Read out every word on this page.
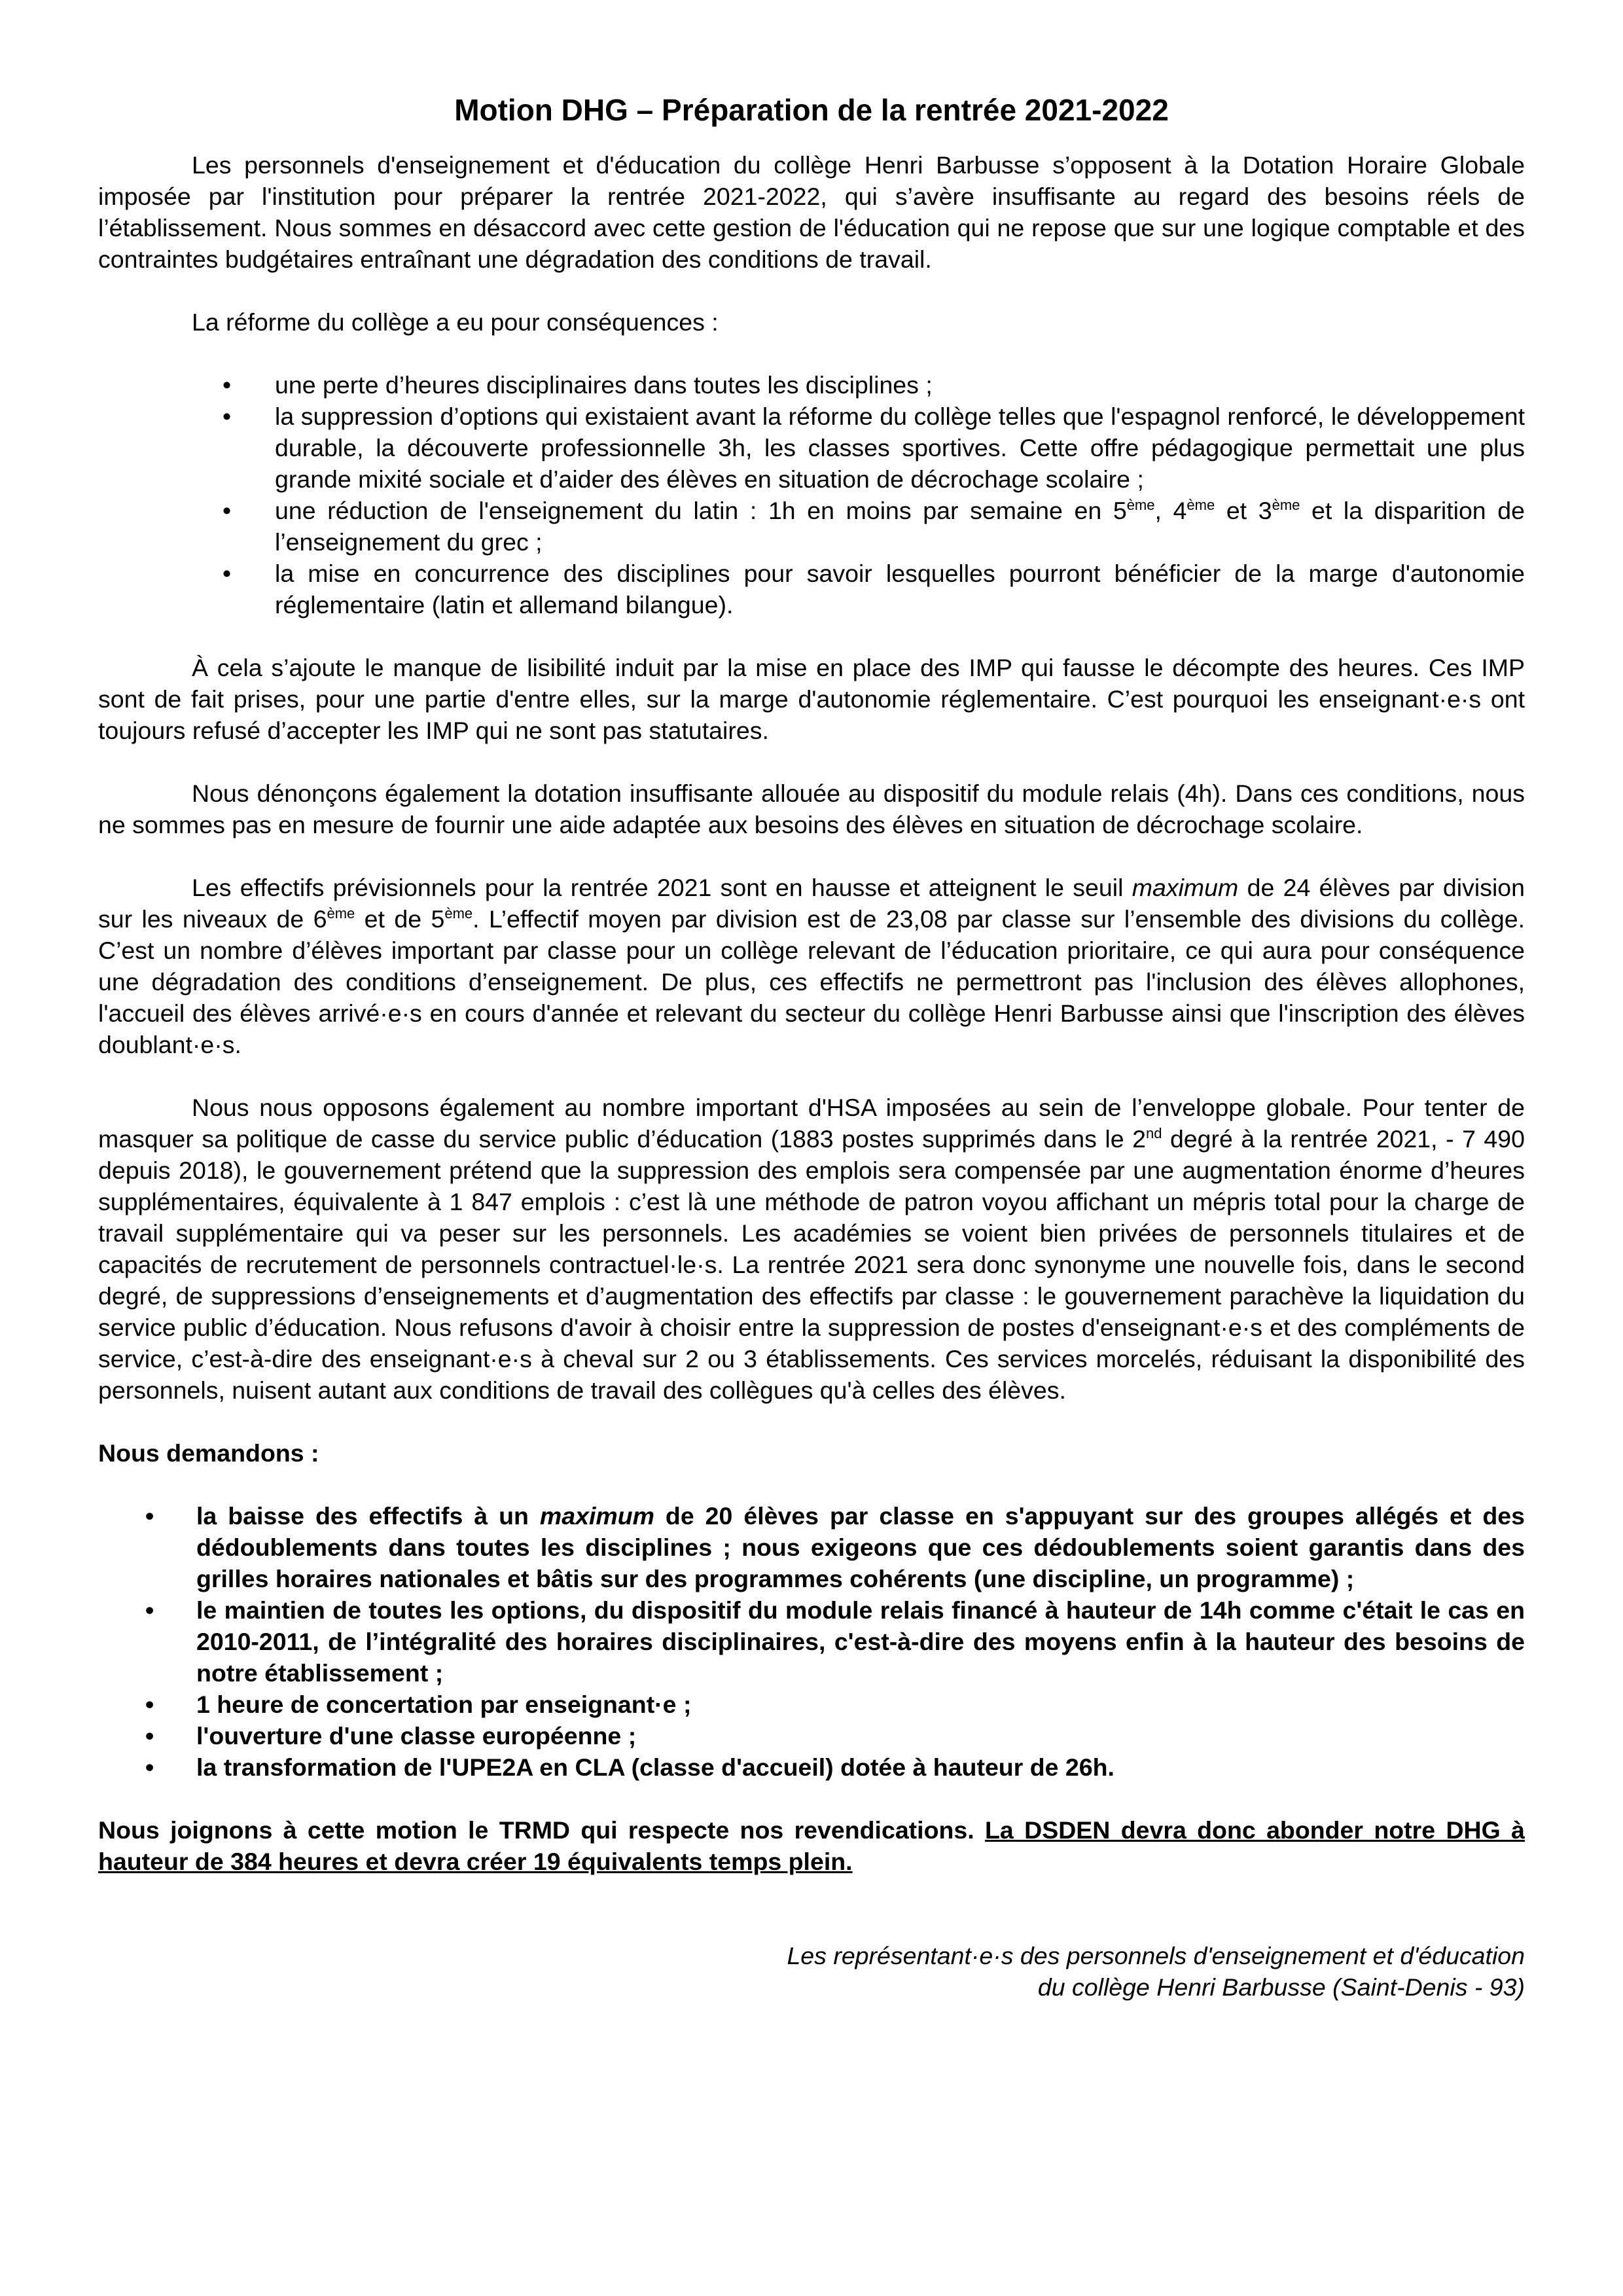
Motion DHG – Préparation de la rentrée 2021-2022

Les personnels d'enseignement et d'éducation du collège Henri Barbusse s’opposent à la Dotation Horaire Globale imposée par l'institution pour préparer la rentrée 2021-2022, qui s’avère insuffisante au regard des besoins réels de l’établissement. Nous sommes en désaccord avec cette gestion de l'éducation qui ne repose que sur une logique comptable et des contraintes budgétaires entraînant une dégradation des conditions de travail.

La réforme du collège a eu pour conséquences :

• une perte d’heures disciplinaires dans toutes les disciplines ;
• la suppression d’options qui existaient avant la réforme du collège telles que l'espagnol renforcé, le développement durable, la découverte professionnelle 3h, les classes sportives. Cette offre pédagogique permettait une plus grande mixité sociale et d’aider des élèves en situation de décrochage scolaire ;
• une réduction de l'enseignement du latin : 1h en moins par semaine en 5ème, 4ème et 3ème et la disparition de l’enseignement du grec ;
• la mise en concurrence des disciplines pour savoir lesquelles pourront bénéficier de la marge d'autonomie réglementaire (latin et allemand bilangue).

À cela s’ajoute le manque de lisibilité induit par la mise en place des IMP qui fausse le décompte des heures. Ces IMP sont de fait prises, pour une partie d'entre elles, sur la marge d'autonomie réglementaire. C’est pourquoi les enseignant·e·s ont toujours refusé d’accepter les IMP qui ne sont pas statutaires.

Nous dénonçons également la dotation insuffisante allouée au dispositif du module relais (4h). Dans ces conditions, nous ne sommes pas en mesure de fournir une aide adaptée aux besoins des élèves en situation de décrochage scolaire.

Les effectifs prévisionnels pour la rentrée 2021 sont en hausse et atteignent le seuil maximum de 24 élèves par division sur les niveaux de 6ème et de 5ème. L’effectif moyen par division est de 23,08 par classe sur l’ensemble des divisions du collège. C’est un nombre d’élèves important par classe pour un collège relevant de l’éducation prioritaire, ce qui aura pour conséquence une dégradation des conditions d’enseignement. De plus, ces effectifs ne permettront pas l'inclusion des élèves allophones, l'accueil des élèves arrivé·e·s en cours d'année et relevant du secteur du collège Henri Barbusse ainsi que l'inscription des élèves doublant·e·s.

Nous nous opposons également au nombre important d'HSA imposées au sein de l’enveloppe globale. Pour tenter de masquer sa politique de casse du service public d’éducation (1883 postes supprimés dans le 2nd degré à la rentrée 2021, - 7 490 depuis 2018), le gouvernement prétend que la suppression des emplois sera compensée par une augmentation énorme d’heures supplémentaires, équivalente à 1 847 emplois : c’est là une méthode de patron voyou affichant un mépris total pour la charge de travail supplémentaire qui va peser sur les personnels. Les académies se voient bien privées de personnels titulaires et de capacités de recrutement de personnels contractuel·le·s. La rentrée 2021 sera donc synonyme une nouvelle fois, dans le second degré, de suppressions d’enseignements et d’augmentation des effectifs par classe : le gouvernement parachève la liquidation du service public d’éducation. Nous refusons d'avoir à choisir entre la suppression de postes d'enseignant·e·s et des compléments de service, c’est-à-dire des enseignant·e·s à cheval sur 2 ou 3 établissements. Ces services morcelés, réduisant la disponibilité des personnels, nuisent autant aux conditions de travail des collègues qu'à celles des élèves.

Nous demandons :

• la baisse des effectifs à un maximum de 20 élèves par classe en s'appuyant sur des groupes allégés et des dédoublements dans toutes les disciplines ; nous exigeons que ces dédoublements soient garantis dans des grilles horaires nationales et bâtis sur des programmes cohérents (une discipline, un programme) ;
• le maintien de toutes les options, du dispositif du module relais financé à hauteur de 14h comme c'était le cas en 2010-2011, de l’intégralité des horaires disciplinaires, c'est-à-dire des moyens enfin à la hauteur des besoins de notre établissement ;
• 1 heure de concertation par enseignant·e ;
• l'ouverture d'une classe européenne ;
• la transformation de l'UPE2A en CLA (classe d'accueil) dotée à hauteur de 26h.

Nous joignons à cette motion le TRMD qui respecte nos revendications. La DSDEN devra donc abonder notre DHG à hauteur de 384 heures et devra créer 19 équivalents temps plein.

Les représentant·e·s des personnels d'enseignement et d'éducation
du collège Henri Barbusse (Saint-Denis - 93)
